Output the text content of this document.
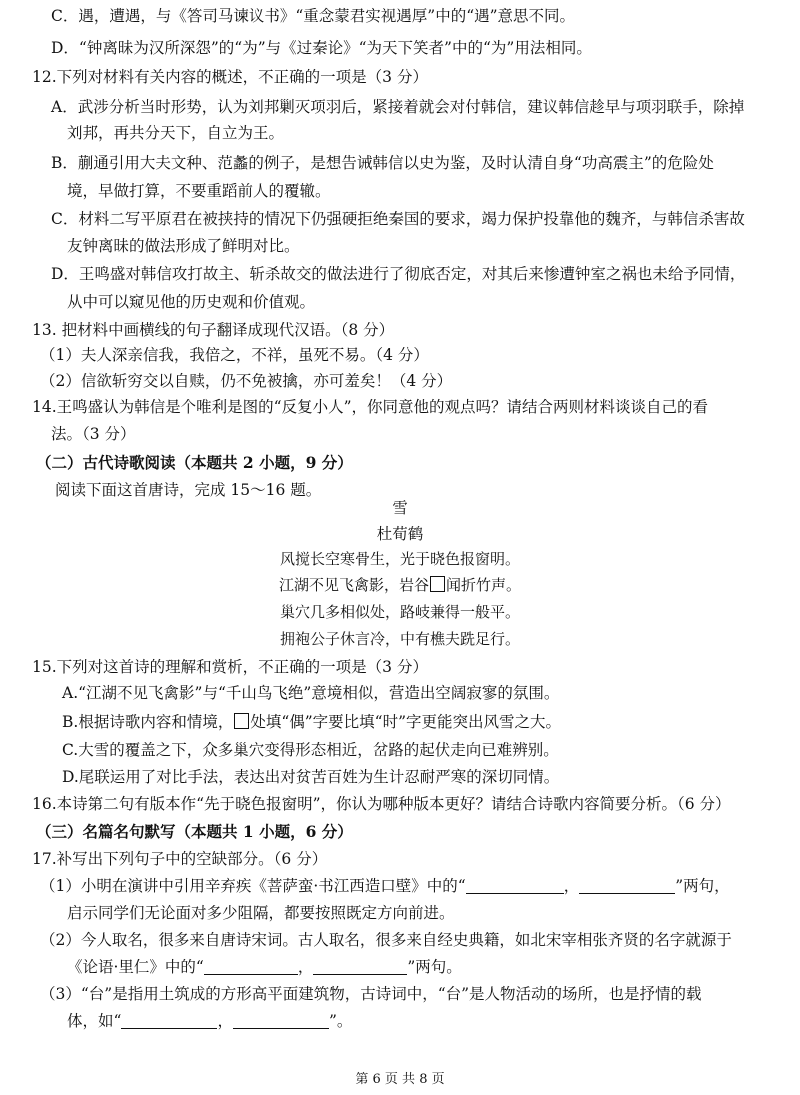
C．遇，遭遇，与《答司马谏议书》“重念蒙君实视遇厚”中的“遇”意思不同。
D．“钟离昧为汉所深怨”的“为”与《过秦论》“为天下笑者”中的“为”用法相同。
12.下列对材料有关内容的概述，不正确的一项是（3 分）
A．武涉分析当时形势，认为刘邦剿灭项羽后，紧接着就会对付韩信，建议韩信趁早与项羽联手，除掉
刘邦，再共分天下，自立为王。
B．蒯通引用大夫文种、范蠡的例子，是想告诫韩信以史为鉴，及时认清自身“功高震主”的危险处
境，早做打算，不要重蹈前人的覆辙。
C．材料二写平原君在被挟持的情况下仍强硬拒绝秦国的要求，竭力保护投靠他的魏齐，与韩信杀害故
友钟离昧的做法形成了鲜明对比。
D．王鸣盛对韩信攻打故主、斩杀故交的做法进行了彻底否定，对其后来惨遭钟室之祸也未给予同情，
从中可以窥见他的历史观和价值观。
13. 把材料中画横线的句子翻译成现代汉语。（8 分）
（1）夫人深亲信我，我倍之，不祥，虽死不易。（4 分）
（2）信欲斩穷交以自赎，仍不免被擒，亦可羞矣！（4 分）
14.王鸣盛认为韩信是个唯利是图的“反复小人”，你同意他的观点吗？请结合两则材料谈谈自己的看
法。（3 分）
（二）古代诗歌阅读（本题共 2 小题，9 分）
阅读下面这首唐诗，完成 15～16 题。
雪
杜荀鹤
风搅长空寒骨生，光于晓色报窗明。
江湖不见飞禽影，岩谷 闻折竹声。
巢穴几多相似处，路岐兼得一般平。
拥袍公子休言冷，中有樵夫跣足行。
15.下列对这首诗的理解和赏析，不正确的一项是（3 分）
A.“江湖不见飞禽影”与“千山鸟飞绝”意境相似，营造出空阔寂寥的氛围。
B.根据诗歌内容和情境， 处填“偶”字要比填“时”字更能突出风雪之大。
C.大雪的覆盖之下，众多巢穴变得形态相近，岔路的起伏走向已难辨别。
D.尾联运用了对比手法，表达出对贫苦百姓为生计忍耐严寒的深切同情。
16.本诗第二句有版本作“先于晓色报窗明”，你认为哪种版本更好？请结合诗歌内容简要分析。（6 分）
（三）名篇名句默写（本题共 1 小题，6 分）
17.补写出下列句子中的空缺部分。（6 分）
（1）小明在演讲中引用辛弃疾《菩萨蛮·书江西造口壁》中的“	，	”两句，
启示同学们无论面对多少阻隔，都要按照既定方向前进。
（2）今人取名，很多来自唐诗宋词。古人取名，很多来自经史典籍，如北宋宰相张齐贤的名字就源于
《论语·里仁》中的“	，	”两句。
（3）“台”是指用土筑成的方形高平面建筑物，古诗词中，“台”是人物活动的场所，也是抒情的载
体，如“	，	”。
第 6 页 共 8 页
